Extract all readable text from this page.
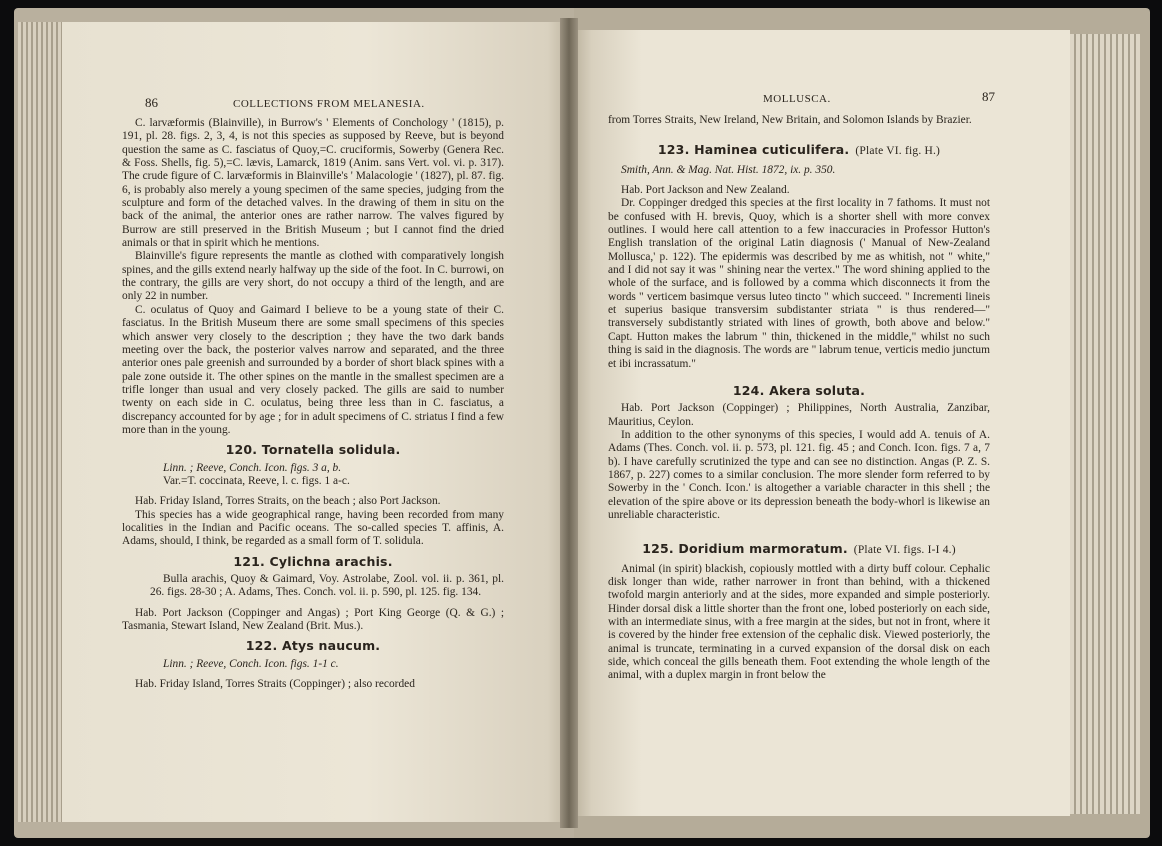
86	COLLECTIONS FROM MELANESIA.	MOLLUSCA.	87

C. larvæformis (Blainville), in Burrow's ' Elements of Conchology ' (1815), p. 191, pl. 28. figs. 2, 3, 4, is not this species as supposed by Reeve, but is beyond question the same as C. fasciatus of Quoy,=C. cruciformis, Sowerby (Genera Rec. & Foss. Shells, fig. 5),=C. lævis, Lamarck, 1819 (Anim. sans Vert. vol. vi. p. 317). The crude figure of C. larvæformis in Blainville's ' Malacologie ' (1827), pl. 87. fig. 6, is probably also merely a young specimen of the same species, judging from the sculpture and form of the detached valves. In the drawing of them in situ on the back of the animal, the anterior ones are rather narrow. The valves figured by Burrow are still preserved in the British Museum ; but I cannot find the dried animals or that in spirit which he mentions.

Blainville's figure represents the mantle as clothed with comparatively longish spines, and the gills extend nearly halfway up the side of the foot. In C. burrowi, on the contrary, the gills are very short, do not occupy a third of the length, and are only 22 in number.

C. oculatus of Quoy and Gaimard I believe to be a young state of their C. fasciatus. In the British Museum there are some small specimens of this species which answer very closely to the description ; they have the two dark bands meeting over the back, the posterior valves narrow and separated, and the three anterior ones pale greenish and surrounded by a border of short black spines with a pale zone outside it. The other spines on the mantle in the smallest specimen are a trifle longer than usual and very closely packed. The gills are said to number twenty on each side in C. oculatus, being three less than in C. fasciatus, a discrepancy accounted for by age ; for in adult specimens of C. striatus I find a few more than in the young.

120. Tornatella solidula.

Linn. ; Reeve, Conch. Icon. figs. 3 a, b.

Var.=T. coccinata, Reeve, l. c. figs. 1 a-c.

Hab. Friday Island, Torres Straits, on the beach ; also Port Jackson.

This species has a wide geographical range, having been recorded from many localities in the Indian and Pacific oceans. The so-called species T. affinis, A. Adams, should, I think, be regarded as a small form of T. solidula.

121. Cylichna arachis.

Bulla arachis, Quoy & Gaimard, Voy. Astrolabe, Zool. vol. ii. p. 361, pl. 26. figs. 28-30 ; A. Adams, Thes. Conch. vol. ii. p. 590, pl. 125. fig. 134.

Hab. Port Jackson (Coppinger and Angas) ; Port King George (Q. & G.) ; Tasmania, Stewart Island, New Zealand (Brit. Mus.).

122. Atys naucum.

Linn. ; Reeve, Conch. Icon. figs. 1-1 c.

Hab. Friday Island, Torres Straits (Coppinger) ; also recorded

from Torres Straits, New Ireland, New Britain, and Solomon Islands by Brazier.

123. Haminea cuticulifera. (Plate VI. fig. H.)

Smith, Ann. & Mag. Nat. Hist. 1872, ix. p. 350.

Hab. Port Jackson and New Zealand.

Dr. Coppinger dredged this species at the first locality in 7 fathoms. It must not be confused with H. brevis, Quoy, which is a shorter shell with more convex outlines. I would here call attention to a few inaccuracies in Professor Hutton's English translation of the original Latin diagnosis (' Manual of New-Zealand Mollusca,' p. 122). The epidermis was described by me as whitish, not " white," and I did not say it was " shining near the vertex." The word shining applied to the whole of the surface, and is followed by a comma which disconnects it from the words " verticem basimque versus luteo tincto " which succeed. " Incrementi lineis et superius basique transversim subdistanter striata " is thus rendered—" transversely subdistantly striated with lines of growth, both above and below." Capt. Hutton makes the labrum " thin, thickened in the middle," whilst no such thing is said in the diagnosis. The words are " labrum tenue, verticis medio junctum et ibi incrassatum."

124. Akera soluta.

Hab. Port Jackson (Coppinger) ; Philippines, North Australia, Zanzibar, Mauritius, Ceylon.

In addition to the other synonyms of this species, I would add A. tenuis of A. Adams (Thes. Conch. vol. ii. p. 573, pl. 121. fig. 45 ; and Conch. Icon. figs. 7 a, 7 b). I have carefully scrutinized the type and can see no distinction. Angas (P. Z. S. 1867, p. 227) comes to a similar conclusion. The more slender form referred to by Sowerby in the ' Conch. Icon.' is altogether a variable character in this shell ; the elevation of the spire above or its depression beneath the body-whorl is likewise an unreliable characteristic.

125. Doridium marmoratum. (Plate VI. figs. I-I 4.)

Animal (in spirit) blackish, copiously mottled with a dirty buff colour. Cephalic disk longer than wide, rather narrower in front than behind, with a thickened twofold margin anteriorly and at the sides, more expanded and simple posteriorly. Hinder dorsal disk a little shorter than the front one, lobed posteriorly on each side, with an intermediate sinus, with a free margin at the sides, but not in front, where it is covered by the hinder free extension of the cephalic disk. Viewed posteriorly, the animal is truncate, terminating in a curved expansion of the dorsal disk on each side, which conceal the gills beneath them. Foot extending the whole length of the animal, with a duplex margin in front below the
